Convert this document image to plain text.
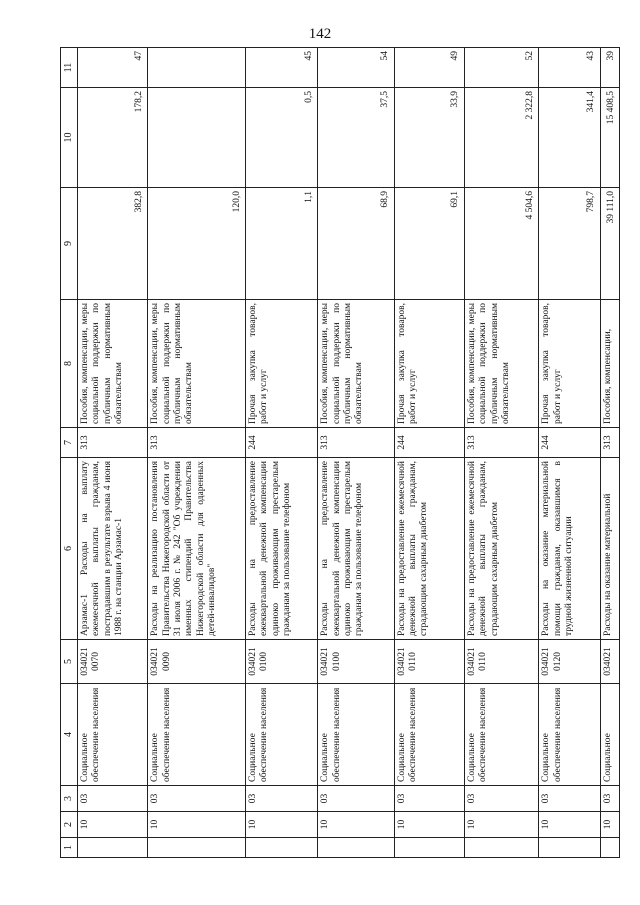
142
1	2	3	4	5	6	7	8	9	10	11
	10	03	Социальное обеспечение населения	034021 0070	Арзамас-1 Расходы на выплату ежемесячной выплаты гражданам, пострадавшим в результате взрыва 4 июня 1988 г. на станции Арзамас-1	313	Пособия, компенсации, меры социальной поддержки по публичным нормативным обязательствам	382,8	178,2	47
	10	03	Социальное обеспечение населения	034021 0090	Расходы на реализацию постановления Правительства Нижегородской области от 31 июля 2006 г. № 242 "Об учреждении именных стипендий Правительства Нижегородской области для одаренных детей-инвалидов"	313	Пособия, компенсации, меры социальной поддержки по публичным нормативным обязательствам	120,0		
	10	03	Социальное обеспечение населения	034021 0100	Расходы на предоставление ежеквартальной денежной компенсации одиноко проживающим престарелым гражданам за пользование телефоном	244	Прочая закупка товаров, работ и услуг	1,1	0,5	45
	10	03	Социальное обеспечение населения	034021 0100	Расходы на предоставление ежеквартальной денежной компенсации одиноко проживающим престарелым гражданам за пользование телефоном	313	Пособия, компенсации, меры социальной поддержки по публичным нормативным обязательствам	68,9	37,5	54
	10	03	Социальное обеспечение населения	034021 0110	Расходы на предоставление ежемесячной денежной выплаты гражданам, страдающим сахарным диабетом	244	Прочая закупка товаров, работ и услуг	69,1	33,9	49
	10	03	Социальное обеспечение населения	034021 0110	Расходы на предоставление ежемесячной денежной выплаты гражданам, страдающим сахарным диабетом	313	Пособия, компенсации, меры социальной поддержки по публичным нормативным обязательствам	4 504,6	2 322,8	52
	10	03	Социальное обеспечение населения	034021 0120	Расходы на оказание материальной помощи гражданам, оказавшимся в трудной жизненной ситуации	244	Прочая закупка товаров, работ и услуг	798,7	341,4	43
	10	03	Социальное	034021	Расходы на оказание материальной	313	Пособия, компенсации,	39 111,0	15 408,5	39
